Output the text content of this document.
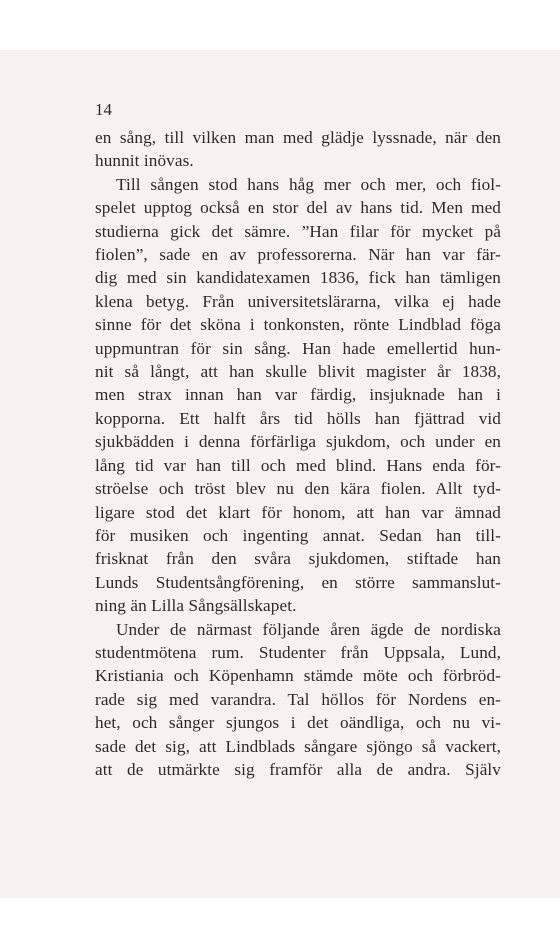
14

en sång, till vilken man med glädje lyssnade, när den

hunnit inövas.

Till sången stod hans håg mer och mer, och fiol-

spelet upptog också en stor del av hans tid. Men med

studierna gick det sämre. ”Han filar för mycket på

fiolen”, sade en av professorerna. När han var fär-

dig med sin kandidatexamen 1836, fick han tämligen

klena betyg. Från universitetslärarna, vilka ej hade

sinne för det sköna i tonkonsten, rönte Lindblad föga

uppmuntran för sin sång. Han hade emellertid hun-

nit så långt, att han skulle blivit magister år 1838,

men strax innan han var färdig, insjuknade han i

kopporna. Ett halft års tid hölls han fjättrad vid

sjukbädden i denna förfärliga sjukdom, och under en

lång tid var han till och med blind. Hans enda för-

ströelse och tröst blev nu den kära fiolen. Allt tyd-

ligare stod det klart för honom, att han var ämnad

för musiken och ingenting annat. Sedan han till-

frisknat från den svåra sjukdomen, stiftade han

Lunds Studentsångförening, en större sammanslut-

ning än Lilla Sångsällskapet.

Under de närmast följande åren ägde de nordiska

studentmötena rum. Studenter från Uppsala, Lund,

Kristiania och Köpenhamn stämde möte och förbröd-

rade sig med varandra. Tal höllos för Nordens en-

het, och sånger sjungos i det oändliga, och nu vi-

sade det sig, att Lindblads sångare sjöngo så vackert,

att de utmärkte sig framför alla de andra. Själv
